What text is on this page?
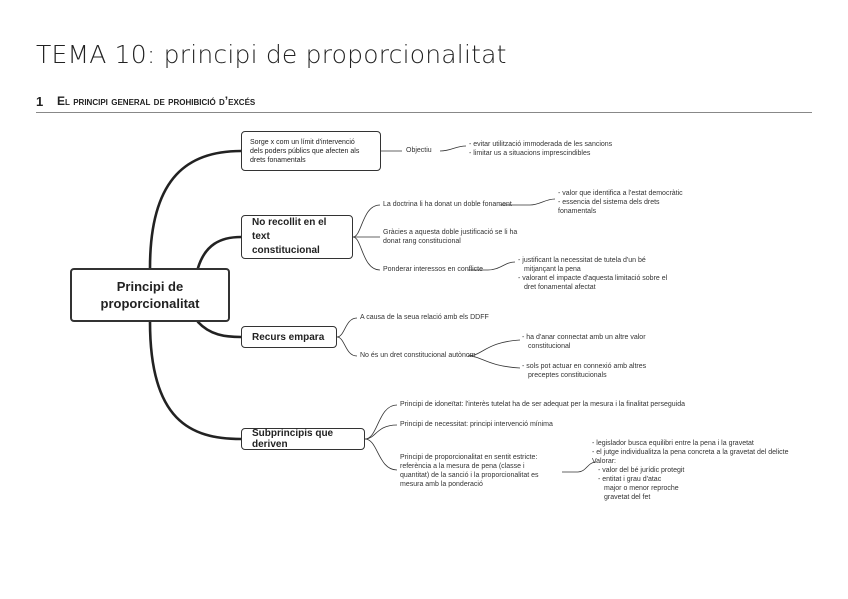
TEMA 10: principi de proporcionalitat
1 El principi general de prohibició d’excés
Principi de
proporcionalitat
Sorge x com un límit d'intervenció
dels poders públics que afecten als
drets fonamentals
Objectiu
- evitar utilització immoderada de les sancions
- limitar us a situacions imprescindibles
No recollit en el text
constitucional
La doctrina li ha donat un doble fonament
- valor que identifica a l'estat democràtic
- essencia del sistema dels drets
fonamentals
Gràcies a aquesta doble justificació se li ha
donat rang constitucional
Ponderar interessos en conflicte
- justificant la necessitat de tutela d'un bé
mitjançant la pena
- valorant el impacte d'aquesta limitació sobre el
dret fonamental afectat
Recurs empara
A causa de la seua relació amb els DDFF
No és un dret constitucional autònom
- ha d'anar connectat amb un altre valor
constitucional
- sols pot actuar en connexió amb altres
preceptes constitucionals
Subprincipis que deriven
Principi de idoneïtat: l'interès tutelat ha de ser adequat per la mesura i la finalitat perseguida
Principi de necessitat: principi intervenció mínima
Principi de proporcionalitat en sentit estricte:
referència a la mesura de pena (classe i
quantitat) de la sanció i la proporcionalitat es
mesura amb la ponderació
- legislador busca equilibri entre la pena i la gravetat
- el jutge individualitza la pena concreta a la gravetat del delicte
Valorar:
- valor del bé jurídic protegit
- entitat i grau d'atac
major o menor reproche
gravetat del fet
